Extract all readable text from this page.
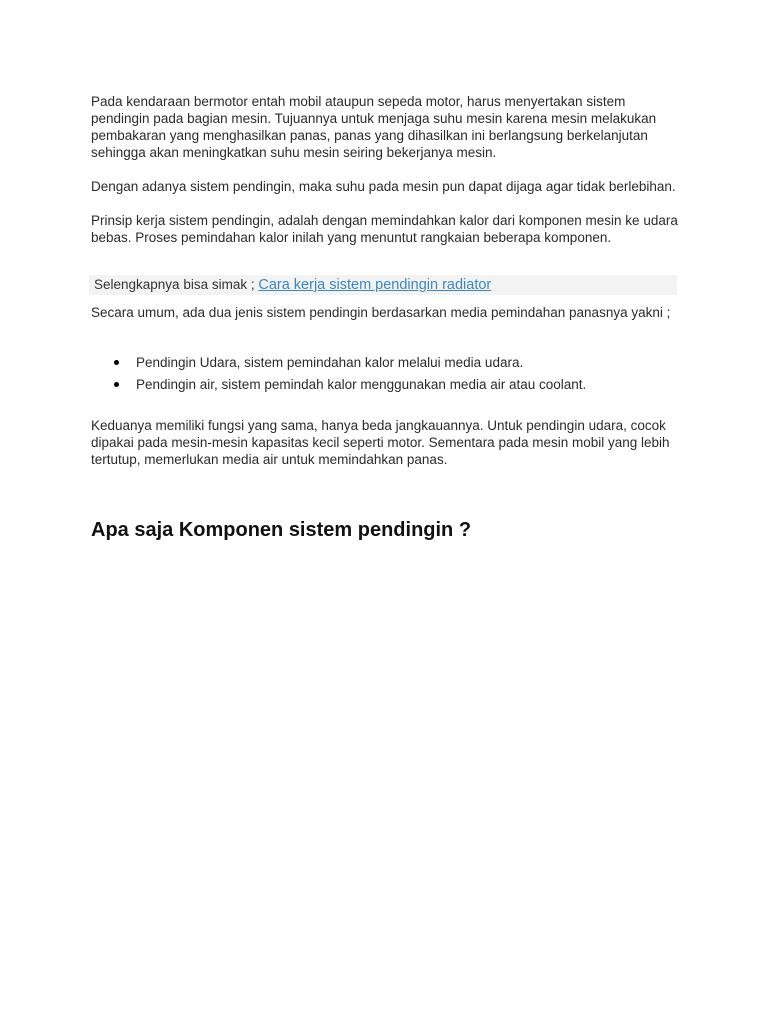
Pada kendaraan bermotor entah mobil ataupun sepeda motor, harus menyertakan sistem pendingin pada bagian mesin. Tujuannya untuk menjaga suhu mesin karena mesin melakukan pembakaran yang menghasilkan panas, panas yang dihasilkan ini berlangsung berkelanjutan sehingga akan meningkatkan suhu mesin seiring bekerjanya mesin.

Dengan adanya sistem pendingin, maka suhu pada mesin pun dapat dijaga agar tidak berlebihan.

Prinsip kerja sistem pendingin, adalah dengan memindahkan kalor dari komponen mesin ke udara bebas. Proses pemindahan kalor inilah yang menuntut rangkaian beberapa komponen.

Selengkapnya bisa simak ; Cara kerja sistem pendingin radiator

Secara umum, ada dua jenis sistem pendingin berdasarkan media pemindahan panasnya yakni ;

Pendingin Udara, sistem pemindahan kalor melalui media udara.
Pendingin air, sistem pemindah kalor menggunakan media air atau coolant.

Keduanya memiliki fungsi yang sama, hanya beda jangkauannya. Untuk pendingin udara, cocok dipakai pada mesin-mesin kapasitas kecil seperti motor. Sementara pada mesin mobil yang lebih tertutup, memerlukan media air untuk memindahkan panas.

Apa saja Komponen sistem pendingin ?
